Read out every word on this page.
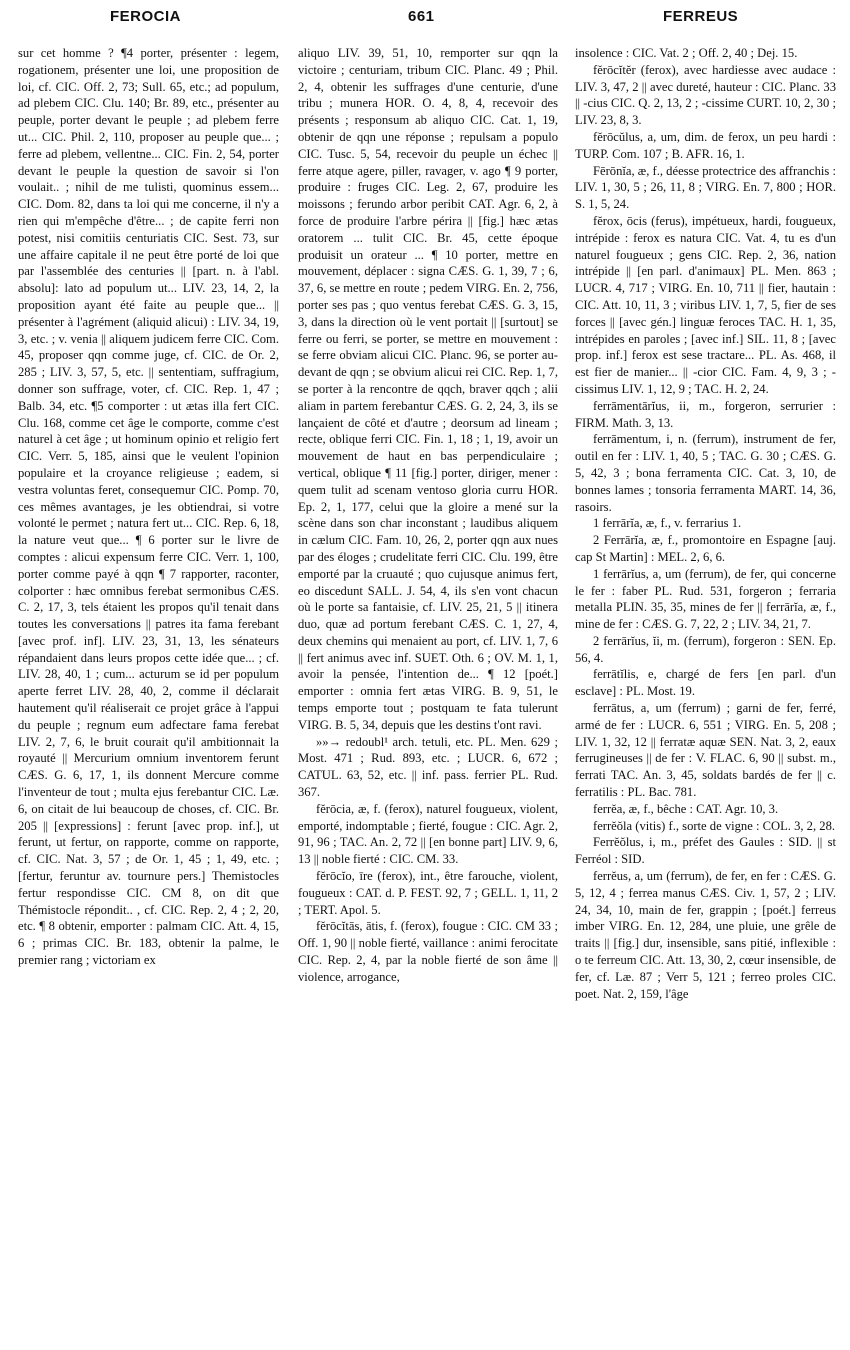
FEROCIA	661	FERREUS

sur cet homme ? ¶4 porter, présenter : legem, rogationem, présenter une loi, une proposition de loi, cf. CIC. Off. 2, 73; Sull. 65, etc.; ad populum, ad plebem CIC. Clu. 140; Br. 89, etc., présenter au peuple, porter devant le peuple ; ad plebem ferre ut... CIC. Phil. 2, 110, proposer au peuple que... ; ferre ad plebem, vellentne... CIC. Fin. 2, 54, porter devant le peuple la question de savoir si l'on voulait.. ; nihil de me tulisti, quominus essem... CIC. Dom. 82, dans ta loi qui me concerne, il n'y a rien qui m'empêche d'être... ; de capite ferri non potest, nisi comitiis centuriatis CIC. Sest. 73, sur une affaire capitale il ne peut être porté de loi que par l'assemblée des centuries || [part. n. à l'abl. absolu]: lato ad populum ut... LIV. 23, 14, 2, la proposition ayant été faite au peuple que... || présenter à l'agrément (aliquid alicui) : LIV. 34, 19, 3, etc. ; v. venia || aliquem judicem ferre CIC. Com. 45, proposer qqn comme juge, cf. CIC. de Or. 2, 285 ; LIV. 3, 57, 5, etc. || sententiam, suffragium, donner son suffrage, voter, cf. CIC. Rep. 1, 47 ; Balb. 34, etc. ¶5 comporter : ut ætas illa fert CIC. Clu. 168, comme cet âge le comporte, comme c'est naturel à cet âge ; ut hominum opinio et religio fert CIC. Verr. 5, 185, ainsi que le veulent l'opinion populaire et la croyance religieuse ; eadem, si vestra voluntas feret, consequemur CIC. Pomp. 70, ces mêmes avantages, je les obtiendrai, si votre volonté le permet ; natura fert ut... CIC. Rep. 6, 18, la nature veut que... ¶ 6 porter sur le livre de comptes : alicui expensum ferre CIC. Verr. 1, 100, porter comme payé à qqn ¶ 7 rapporter, raconter, colporter : hæc omnibus ferebat sermonibus CÆS. C. 2, 17, 3, tels étaient les propos qu'il tenait dans toutes les conversations || patres ita fama ferebant [avec prof. inf]. LIV. 23, 31, 13, les sénateurs répandaient dans leurs propos cette idée que... ; cf. LIV. 28, 40, 1 ; cum... acturum se id per populum aperte ferret LIV. 28, 40, 2, comme il déclarait hautement qu'il réaliserait ce projet grâce à l'appui du peuple ; regnum eum adfectare fama ferebat LIV. 2, 7, 6, le bruit courait qu'il ambitionnait la royauté || Mercurium omnium inventorem ferunt CÆS. G. 6, 17, 1, ils donnent Mercure comme l'inventeur de tout ; multa ejus ferebantur CIC. Læ. 6, on citait de lui beaucoup de choses, cf. CIC. Br. 205 || [expressions] : ferunt [avec prop. inf.], ut ferunt, ut fertur, on rapporte, comme on rapporte, cf. CIC. Nat. 3, 57 ; de Or. 1, 45 ; 1, 49, etc. ; [fertur, feruntur av. tournure pers.] Themistocles fertur respondisse CIC. CM 8, on dit que Thémistocle répondit.. , cf. CIC. Rep. 2, 4 ; 2, 20, etc. ¶ 8 obtenir, emporter : palmam CIC. Att. 4, 15, 6 ; primas CIC. Br. 183, obtenir la palme, le premier rang ; victoriam ex

aliquo LIV. 39, 51, 10, remporter sur qqn la victoire ; centuriam, tribum CIC. Planc. 49 ; Phil. 2, 4, obtenir les suffrages d'une centurie, d'une tribu ; munera HOR. O. 4, 8, 4, recevoir des présents ; responsum ab aliquo CIC. Cat. 1, 19, obtenir de qqn une réponse ; repulsam a populo CIC. Tusc. 5, 54, recevoir du peuple un échec || ferre atque agere, piller, ravager, v. ago ¶ 9 porter, produire : fruges CIC. Leg. 2, 67, produire les moissons ; ferundo arbor peribit CAT. Agr. 6, 2, à force de produire l'arbre périra || [fig.] hæc ætas oratorem ... tulit CIC. Br. 45, cette époque produisit un orateur ... ¶ 10 porter, mettre en mouvement, déplacer : signa CÆS. G. 1, 39, 7 ; 6, 37, 6, se mettre en route ; pedem VIRG. En. 2, 756, porter ses pas ; quo ventus ferebat CÆS. G. 3, 15, 3, dans la direction où le vent portait || [surtout] se ferre ou ferri, se porter, se mettre en mouvement : se ferre obviam alicui CIC. Planc. 96, se porter au-devant de qqn ; se obvium alicui rei CIC. Rep. 1, 7, se porter à la rencontre de qqch, braver qqch ; alii aliam in partem ferebantur CÆS. G. 2, 24, 3, ils se lançaient de côté et d'autre ; deorsum ad lineam ; recte, oblique ferri CIC. Fin. 1, 18 ; 1, 19, avoir un mouvement de haut en bas perpendiculaire ; vertical, oblique ¶ 11 [fig.] porter, diriger, mener : quem tulit ad scenam ventoso gloria curru HOR. Ep. 2, 1, 177, celui que la gloire a mené sur la scène dans son char inconstant ; laudibus aliquem in cælum CIC. Fam. 10, 26, 2, porter qqn aux nues par des éloges ; crudelitate ferri CIC. Clu. 199, être emporté par la cruauté ; quo cujusque animus fert, eo discedunt SALL. J. 54, 4, ils s'en vont chacun où le porte sa fantaisie, cf. LIV. 25, 21, 5 || itinera duo, quæ ad portum ferebant CÆS. C. 1, 27, 4, deux chemins qui menaient au port, cf. LIV. 1, 7, 6 || fert animus avec inf. SUET. Oth. 6 ; OV. M. 1, 1, avoir la pensée, l'intention de... ¶ 12 [poét.] emporter : omnia fert ætas VIRG. B. 9, 51, le temps emporte tout ; postquam te fata tulerunt VIRG. B. 5, 34, depuis que les destins t'ont ravi.

»»→ redoubl¹ arch. tetuli, etc. PL. Men. 629 ; Most. 471 ; Rud. 893, etc. ; LUCR. 6, 672 ; CATUL. 63, 52, etc. || inf. pass. ferrier PL. Rud. 367.

fĕrōcia, æ, f. (ferox), naturel fougueux, violent, emporté, indomptable ; fierté, fougue : CIC. Agr. 2, 91, 96 ; TAC. An. 2, 72 || [en bonne part] LIV. 9, 6, 13 || noble fierté : CIC. CM. 33.

fĕrōcĭo, īre (ferox), int., être farouche, violent, fougueux : CAT. d. P. FEST. 92, 7 ; GELL. 1, 11, 2 ; TERT. Apol. 5.

fĕrōcĭtās, ātis, f. (ferox), fougue : CIC. CM 33 ; Off. 1, 90 || noble fierté, vaillance : animi ferocitate CIC. Rep. 2, 4, par la noble fierté de son âme || violence, arrogance,

insolence : CIC. Vat. 2 ; Off. 2, 40 ; Dej. 15.

fĕrōcĭtĕr (ferox), avec hardiesse avec audace : LIV. 3, 47, 2 || avec dureté, hauteur : CIC. Planc. 33 || -cius CIC. Q. 2, 13, 2 ; -cissime CURT. 10, 2, 30 ; LIV. 23, 8, 3.

fĕrōcŭlus, a, um, dim. de ferox, un peu hardi : TURP. Com. 107 ; B. AFR. 16, 1.

Fērōnĭa, æ, f., déesse protectrice des affranchis : LIV. 1, 30, 5 ; 26, 11, 8 ; VIRG. En. 7, 800 ; HOR. S. 1, 5, 24.

fĕrox, ōcis (ferus), impétueux, hardi, fougueux, intrépide : ferox es natura CIC. Vat. 4, tu es d'un naturel fougueux ; gens CIC. Rep. 2, 36, nation intrépide || [en parl. d'animaux] PL. Men. 863 ; LUCR. 4, 717 ; VIRG. En. 10, 711 || fier, hautain : CIC. Att. 10, 11, 3 ; viribus LIV. 1, 7, 5, fier de ses forces || [avec gén.] linguæ feroces TAC. H. 1, 35, intrépides en paroles ; [avec inf.] SIL. 11, 8 ; [avec prop. inf.] ferox est sese tractare... PL. As. 468, il est fier de manier... || -cior CIC. Fam. 4, 9, 3 ; -cissimus LIV. 1, 12, 9 ; TAC. H. 2, 24.

ferrāmentārĭus, ii, m., forgeron, serrurier : FIRM. Math. 3, 13.

ferrāmentum, i, n. (ferrum), instrument de fer, outil en fer : LIV. 1, 40, 5 ; TAC. G. 30 ; CÆS. G. 5, 42, 3 ; bona ferramenta CIC. Cat. 3, 10, de bonnes lames ; tonsoria ferramenta MART. 14, 36, rasoirs.

1 ferrārĭa, æ, f., v. ferrarius 1.

2 Ferrārĭa, æ, f., promontoire en Espagne [auj. cap St Martin] : MEL. 2, 6, 6.

1 ferrārĭus, a, um (ferrum), de fer, qui concerne le fer : faber PL. Rud. 531, forgeron ; ferraria metalla PLIN. 35, 35, mines de fer || ferrārĭa, æ, f., mine de fer : CÆS. G. 7, 22, 2 ; LIV. 34, 21, 7.

2 ferrārĭus, ĭi, m. (ferrum), forgeron : SEN. Ep. 56, 4.

ferrātĭlis, e, chargé de fers [en parl. d'un esclave] : PL. Most. 19.

ferrātus, a, um (ferrum) ; garni de fer, ferré, armé de fer : LUCR. 6, 551 ; VIRG. En. 5, 208 ; LIV. 1, 32, 12 || ferratæ aquæ SEN. Nat. 3, 2, eaux ferrugineuses || de fer : V. FLAC. 6, 90 || subst. m., ferrati TAC. An. 3, 45, soldats bardés de fer || c. ferratilis : PL. Bac. 781.

ferrĕa, æ, f., bêche : CAT. Agr. 10, 3.

ferrĕŏla (vitis) f., sorte de vigne : COL. 3, 2, 28.

Ferrĕŏlus, i, m., préfet des Gaules : SID. || st Ferréol : SID.

ferrĕus, a, um (ferrum), de fer, en fer : CÆS. G. 5, 12, 4 ; ferrea manus CÆS. Civ. 1, 57, 2 ; LIV. 24, 34, 10, main de fer, grappin ; [poét.] ferreus imber VIRG. En. 12, 284, une pluie, une grêle de traits || [fig.] dur, insensible, sans pitié, inflexible : o te ferreum CIC. Att. 13, 30, 2, cœur insensible, de fer, cf. Læ. 87 ; Verr 5, 121 ; ferreo proles CIC. poet. Nat. 2, 159, l'âge
